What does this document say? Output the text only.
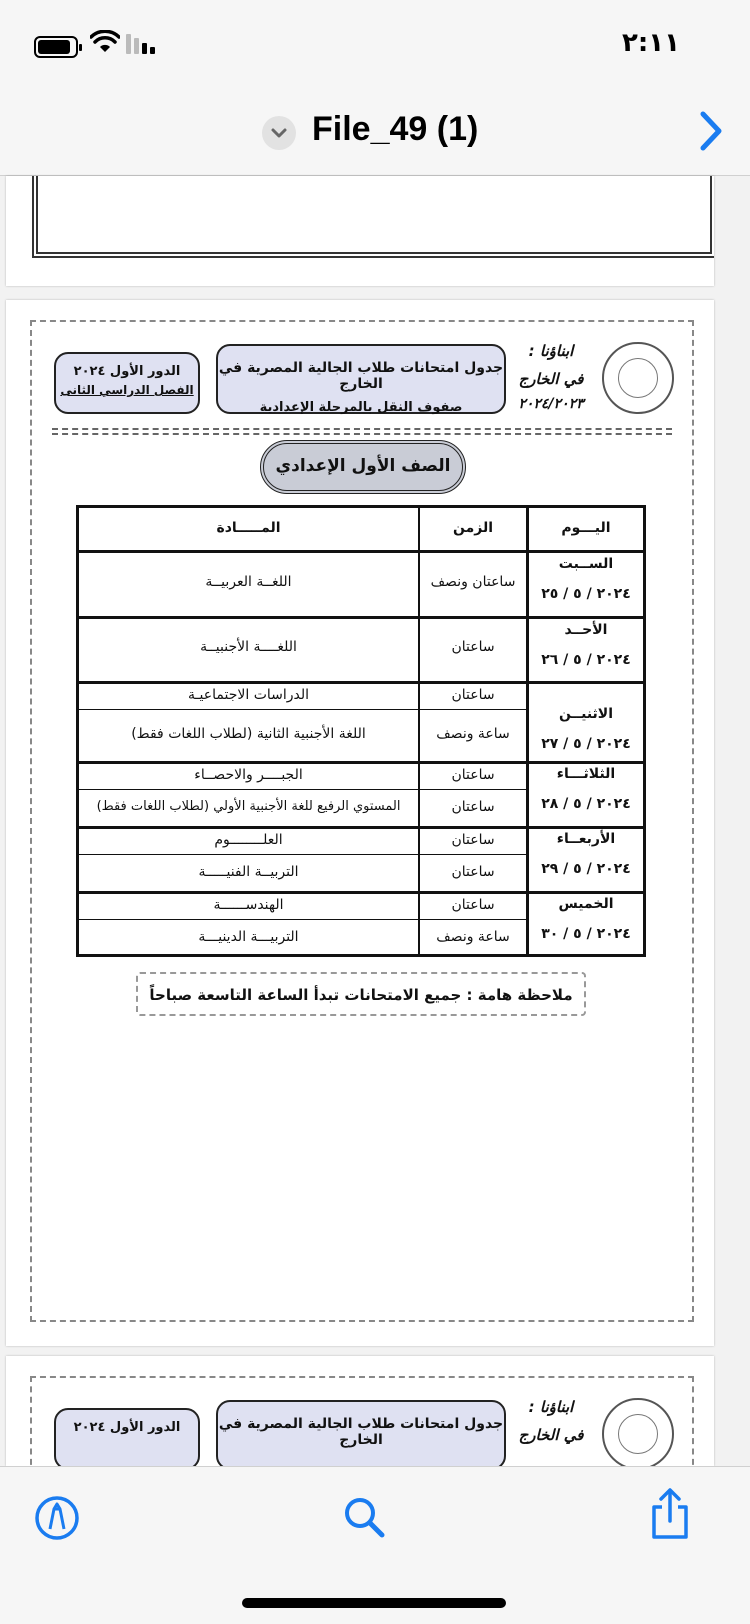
٢:١١
File_49 (1)
ابناؤنا :
في الخارج
٢٠٢٤/٢٠٢٣
جدول امتحانات طلاب الجالية المصرية في الخارج
صفوف النقل بالمرحلة الإعدادية
الدور الأول ٢٠٢٤
الفصل الدراسي الثانى
الصف الأول الإعدادي
اليـــوم
الزمن
المـــــادة
الســبت
٢٠٢٤ / ٥ / ٢٥
ساعتان ونصف
اللغــة العربيــة
الأحــد
٢٠٢٤ / ٥ / ٢٦
ساعتان
اللغــــة الأجنبيــة
الاثنيــن
٢٠٢٤ / ٥ / ٢٧
ساعتان
الدراسات الاجتماعيـة
ساعة ونصف
اللغة الأجنبية الثانية (لطلاب اللغات فقط)
الثلاثـــاء
٢٠٢٤ / ٥ / ٢٨
ساعتان
الجبــــر والاحصــاء
ساعتان
المستوي الرفيع للغة الأجنبية الأولي (لطلاب اللغات فقط)
الأربعــاء
٢٠٢٤ / ٥ / ٢٩
ساعتان
العلــــــــوم
ساعتان
التربيــة الفنيـــــة
الخميس
٢٠٢٤ / ٥ / ٣٠
ساعتان
الهندســــــة
ساعة ونصف
التربيـــة الدينيـــة
ملاحظة هامة : جميع الامتحانات تبدأ الساعة التاسعة صباحاً
ابناؤنا :
في الخارج
جدول امتحانات طلاب الجالية المصرية في الخارج
الدور الأول ٢٠٢٤
